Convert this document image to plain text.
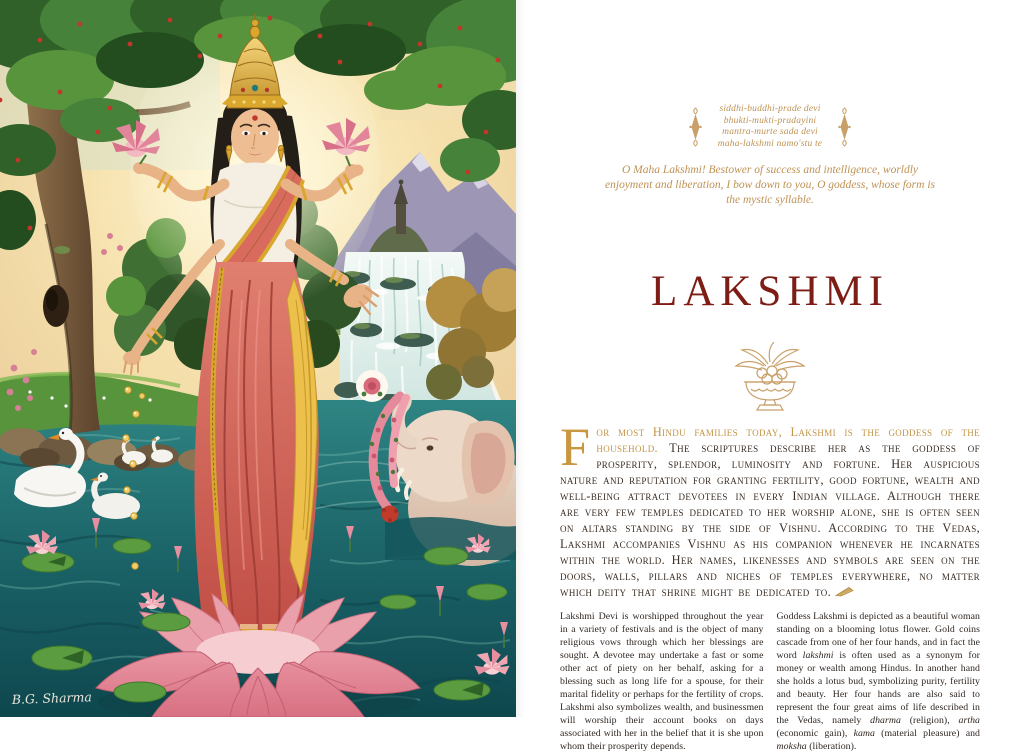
B.G. Sharma
siddhi-buddhi-prade devi
bhukti-mukti-pradayini
mantra-murte sada devi
maha-lakshmi namo'stu te
O Maha Lakshmi! Bestower of success and intelligence, worldly enjoyment and liberation, I bow down to you, O goddess, whose form is the mystic syllable.
LAKSHMI

For most Hindu families today, Lakshmi is the goddess of the household. The scriptures describe her as the goddess of prosperity, splendor, luminosity and fortune. Her auspicious nature and reputation for granting fertility, good fortune, wealth and well-being attract devotees in every Indian village. Although there are very few temples dedicated to her worship alone, she is often seen on altars standing by the side of Vishnu. According to the Vedas, Lakshmi accompanies Vishnu as his companion whenever he incarnates within the world. Her names, likenesses and symbols are seen on the doors, walls, pillars and niches of temples everywhere, no matter which deity that shrine might be dedicated to.

Lakshmi Devi is worshipped throughout the year in a variety of festivals and is the object of many religious vows through which her blessings are sought. A devotee may undertake a fast or some other act of piety on her behalf, asking for a blessing such as long life for a spouse, for their marital fidelity or perhaps for the fertility of crops. Lakshmi also symbolizes wealth, and businessmen will worship their account books on days associated with her in the belief that it is she upon whom their prosperity depends.
Goddess Lakshmi is depicted as a beautiful woman standing on a blooming lotus flower. Gold coins cascade from one of her four hands, and in fact the word lakshmi is often used as a synonym for money or wealth among Hindus. In another hand she holds a lotus bud, symbolizing purity, fertility and beauty. Her four hands are also said to represent the four great aims of life described in the Vedas, namely dharma (religion), artha (economic gain), kama (material pleasure) and moksha (liberation).
